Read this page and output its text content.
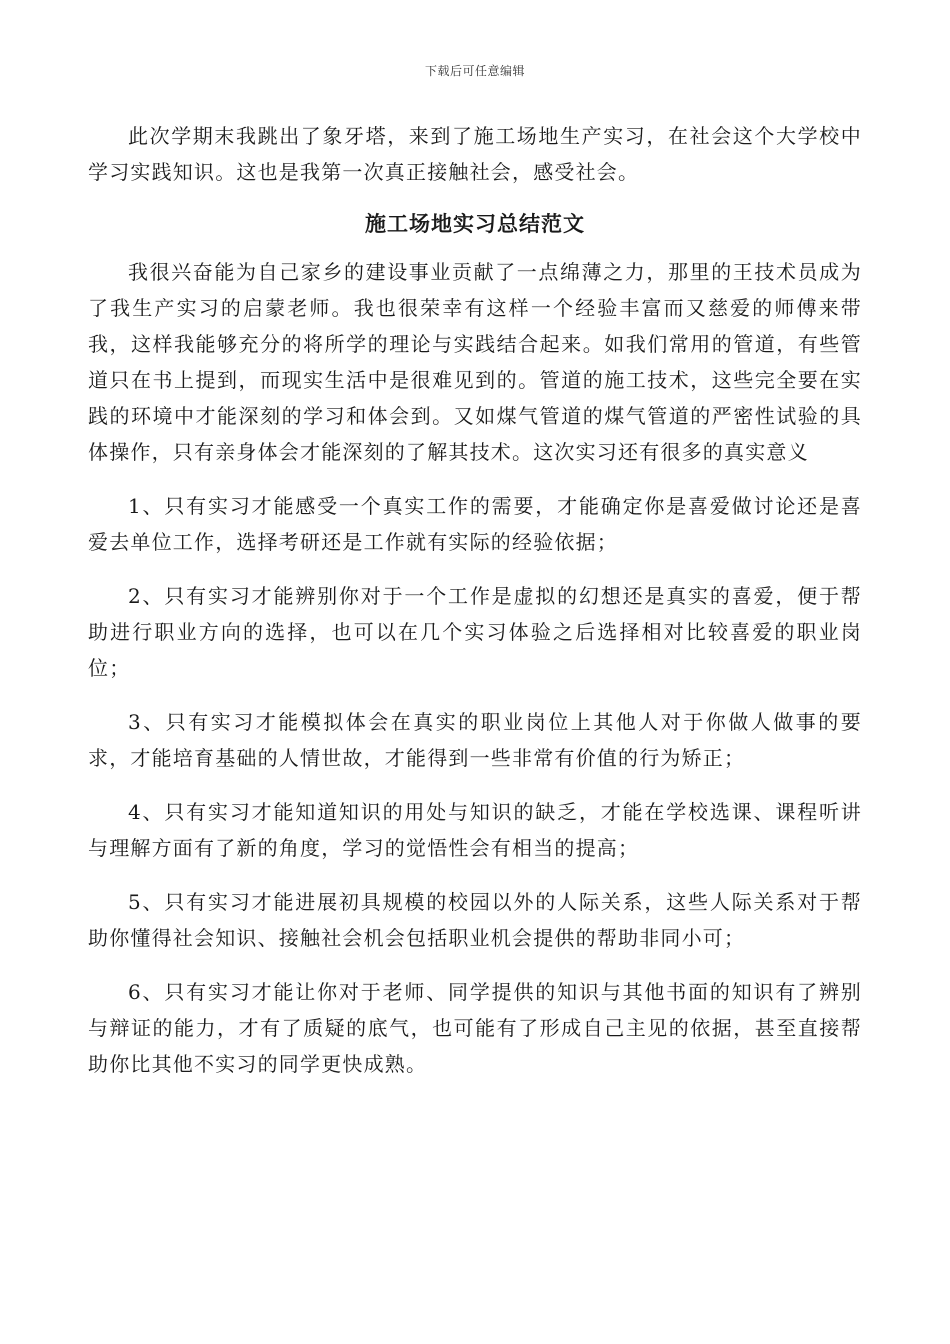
下载后可任意编辑

此次学期末我跳出了象牙塔，来到了施工场地生产实习，在社会这个大学校中学习实践知识。这也是我第一次真正接触社会，感受社会。

施工场地实习总结范文

我很兴奋能为自己家乡的建设事业贡献了一点绵薄之力，那里的王技术员成为了我生产实习的启蒙老师。我也很荣幸有这样一个经验丰富而又慈爱的师傅来带我，这样我能够充分的将所学的理论与实践结合起来。如我们常用的管道，有些管道只在书上提到，而现实生活中是很难见到的。管道的施工技术，这些完全要在实践的环境中才能深刻的学习和体会到。又如煤气管道的煤气管道的严密性试验的具体操作，只有亲身体会才能深刻的了解其技术。这次实习还有很多的真实意义

1、只有实习才能感受一个真实工作的需要，才能确定你是喜爱做讨论还是喜爱去单位工作，选择考研还是工作就有实际的经验依据；

2、只有实习才能辨别你对于一个工作是虚拟的幻想还是真实的喜爱，便于帮助进行职业方向的选择，也可以在几个实习体验之后选择相对比较喜爱的职业岗位；

3、只有实习才能模拟体会在真实的职业岗位上其他人对于你做人做事的要求，才能培育基础的人情世故，才能得到一些非常有价值的行为矫正；

4、只有实习才能知道知识的用处与知识的缺乏，才能在学校选课、课程听讲与理解方面有了新的角度，学习的觉悟性会有相当的提高；

5、只有实习才能进展初具规模的校园以外的人际关系，这些人际关系对于帮助你懂得社会知识、接触社会机会包括职业机会提供的帮助非同小可；

6、只有实习才能让你对于老师、同学提供的知识与其他书面的知识有了辨别与辩证的能力，才有了质疑的底气，也可能有了形成自己主见的依据，甚至直接帮助你比其他不实习的同学更快成熟。
